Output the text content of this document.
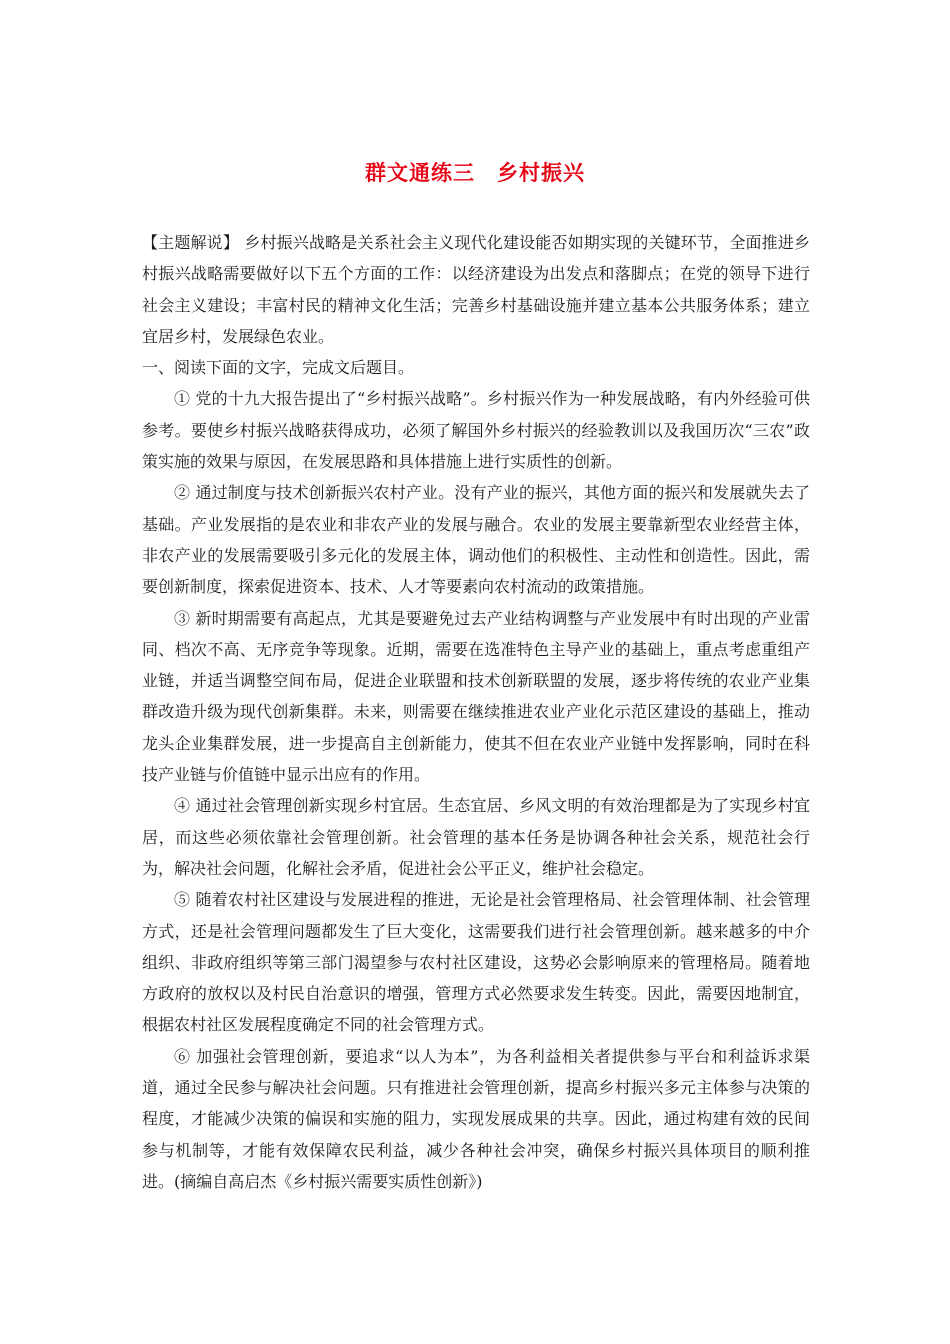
群文通练三　乡村振兴

【主题解说】 乡村振兴战略是关系社会主义现代化建设能否如期实现的关键环节，全面推进乡村振兴战略需要做好以下五个方面的工作：以经济建设为出发点和落脚点；在党的领导下进行社会主义建设；丰富村民的精神文化生活；完善乡村基础设施并建立基本公共服务体系；建立宜居乡村，发展绿色农业。

一、阅读下面的文字，完成文后题目。

① 党的十九大报告提出了“乡村振兴战略”。乡村振兴作为一种发展战略，有内外经验可供参考。要使乡村振兴战略获得成功，必须了解国外乡村振兴的经验教训以及我国历次“三农”政策实施的效果与原因，在发展思路和具体措施上进行实质性的创新。

② 通过制度与技术创新振兴农村产业。没有产业的振兴，其他方面的振兴和发展就失去了基础。产业发展指的是农业和非农产业的发展与融合。农业的发展主要靠新型农业经营主体，非农产业的发展需要吸引多元化的发展主体，调动他们的积极性、主动性和创造性。因此，需要创新制度，探索促进资本、技术、人才等要素向农村流动的政策措施。

③ 新时期需要有高起点，尤其是要避免过去产业结构调整与产业发展中有时出现的产业雷同、档次不高、无序竞争等现象。近期，需要在选准特色主导产业的基础上，重点考虑重组产业链，并适当调整空间布局，促进企业联盟和技术创新联盟的发展，逐步将传统的农业产业集群改造升级为现代创新集群。未来，则需要在继续推进农业产业化示范区建设的基础上，推动龙头企业集群发展，进一步提高自主创新能力，使其不但在农业产业链中发挥影响，同时在科技产业链与价值链中显示出应有的作用。

④ 通过社会管理创新实现乡村宜居。生态宜居、乡风文明的有效治理都是为了实现乡村宜居，而这些必须依靠社会管理创新。社会管理的基本任务是协调各种社会关系，规范社会行为，解决社会问题，化解社会矛盾，促进社会公平正义，维护社会稳定。

⑤ 随着农村社区建设与发展进程的推进，无论是社会管理格局、社会管理体制、社会管理方式，还是社会管理问题都发生了巨大变化，这需要我们进行社会管理创新。越来越多的中介组织、非政府组织等第三部门渴望参与农村社区建设，这势必会影响原来的管理格局。随着地方政府的放权以及村民自治意识的增强，管理方式必然要求发生转变。因此，需要因地制宜，根据农村社区发展程度确定不同的社会管理方式。

⑥ 加强社会管理创新，要追求“以人为本”，为各利益相关者提供参与平台和利益诉求渠道，通过全民参与解决社会问题。只有推进社会管理创新，提高乡村振兴多元主体参与决策的程度，才能减少决策的偏误和实施的阻力，实现发展成果的共享。因此，通过构建有效的民间参与机制等，才能有效保障农民利益，减少各种社会冲突，确保乡村振兴具体项目的顺利推进。(摘编自高启杰《乡村振兴需要实质性创新》)
